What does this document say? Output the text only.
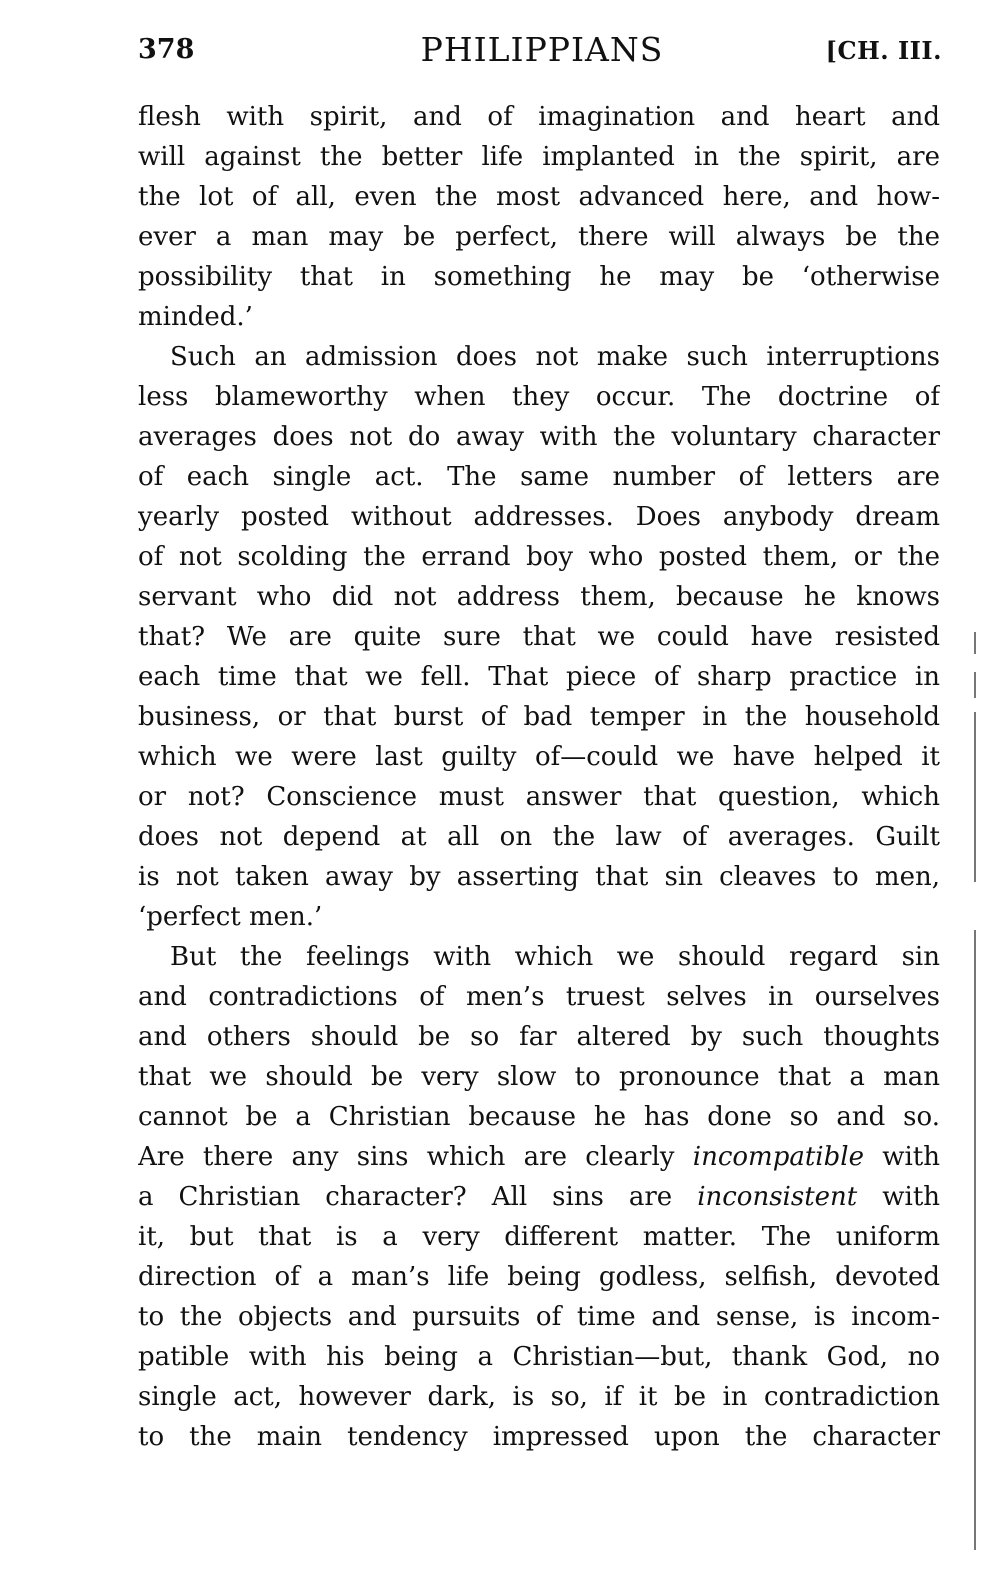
378	PHILIPPIANS	[CH. III.
flesh with spirit, and of imagination and heart and
will against the better life implanted in the spirit, are
the lot of all, even the most advanced here, and how-
ever a man may be perfect, there will always be the
possibility that in something he may be ‘otherwise
minded.’
Such an admission does not make such interruptions
less blameworthy when they occur. The doctrine of
averages does not do away with the voluntary character
of each single act. The same number of letters are
yearly posted without addresses. Does anybody dream
of not scolding the errand boy who posted them, or the
servant who did not address them, because he knows
that? We are quite sure that we could have resisted
each time that we fell. That piece of sharp practice in
business, or that burst of bad temper in the household
which we were last guilty of—could we have helped it
or not? Conscience must answer that question, which
does not depend at all on the law of averages. Guilt
is not taken away by asserting that sin cleaves to men,
‘perfect men.’
But the feelings with which we should regard sin
and contradictions of men’s truest selves in ourselves
and others should be so far altered by such thoughts
that we should be very slow to pronounce that a man
cannot be a Christian because he has done so and so.
Are there any sins which are clearly incompatible with
a Christian character? All sins are inconsistent with
it, but that is a very different matter. The uniform
direction of a man’s life being godless, selfish, devoted
to the objects and pursuits of time and sense, is incom-
patible with his being a Christian—but, thank God, no
single act, however dark, is so, if it be in contradiction
to the main tendency impressed upon the character
